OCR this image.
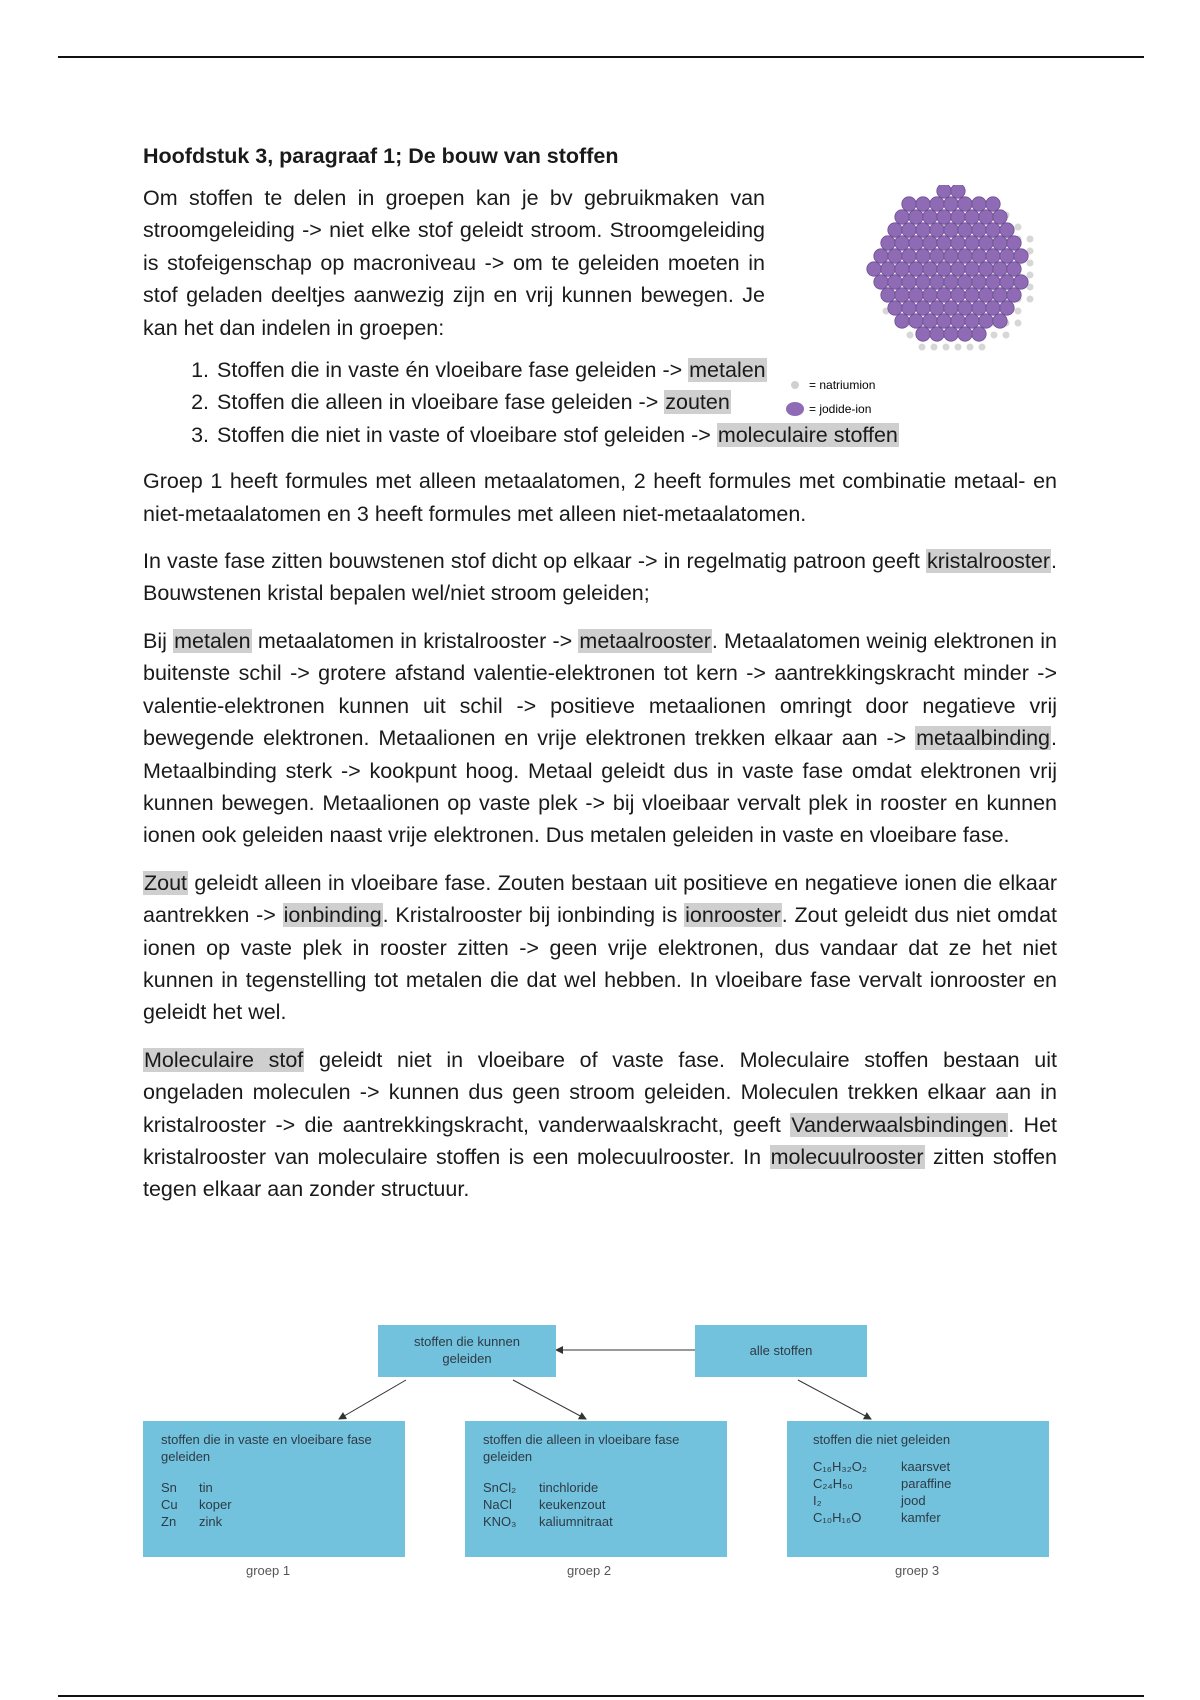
Hoofdstuk 3, paragraaf 1; De bouw van stoffen

Om stoffen te delen in groepen kan je bv gebruikmaken van stroomgeleiding -> niet elke stof geleidt stroom. Stroomgeleiding is stofeigenschap op macroniveau -> om te geleiden moeten in stof geladen deeltjes aanwezig zijn en vrij kunnen bewegen. Je kan het dan indelen in groepen:

1. Stoffen die in vaste én vloeibare fase geleiden -> metalen
2. Stoffen die alleen in vloeibare fase geleiden -> zouten
3. Stoffen die niet in vaste of vloeibare stof geleiden -> moleculaire stoffen

Groep 1 heeft formules met alleen metaalatomen, 2 heeft formules met combinatie metaal- en niet-metaalatomen en 3 heeft formules met alleen niet-metaalatomen.

In vaste fase zitten bouwstenen stof dicht op elkaar -> in regelmatig patroon geeft kristalrooster. Bouwstenen kristal bepalen wel/niet stroom geleiden;

Bij metalen metaalatomen in kristalrooster -> metaalrooster. Metaalatomen weinig elektronen in buitenste schil -> grotere afstand valentie-elektronen tot kern -> aantrekkingskracht minder -> valentie-elektronen kunnen uit schil -> positieve metaalionen omringt door negatieve vrij bewegende elektronen. Metaalionen en vrije elektronen trekken elkaar aan -> metaalbinding. Metaalbinding sterk -> kookpunt hoog. Metaal geleidt dus in vaste fase omdat elektronen vrij kunnen bewegen. Metaalionen op vaste plek -> bij vloeibaar vervalt plek in rooster en kunnen ionen ook geleiden naast vrije elektronen. Dus metalen geleiden in vaste en vloeibare fase.

Zout geleidt alleen in vloeibare fase. Zouten bestaan uit positieve en negatieve ionen die elkaar aantrekken -> ionbinding. Kristalrooster bij ionbinding is ionrooster. Zout geleidt dus niet omdat ionen op vaste plek in rooster zitten -> geen vrije elektronen, dus vandaar dat ze het niet kunnen in tegenstelling tot metalen die dat wel hebben. In vloeibare fase vervalt ionrooster en geleidt het wel.

Moleculaire stof geleidt niet in vloeibare of vaste fase. Moleculaire stoffen bestaan uit ongeladen moleculen -> kunnen dus geen stroom geleiden. Moleculen trekken elkaar aan in kristalrooster -> die aantrekkingskracht, vanderwaalskracht, geeft Vanderwaalsbindingen. Het kristalrooster van moleculaire stoffen is een molecuulrooster. In molecuulrooster zitten stoffen tegen elkaar aan zonder structuur.

= natriumion
= jodide-ion
stoffen die kunnen geleiden
alle stoffen
stoffen die in vaste en vloeibare fase geleiden
Sn	tin
Cu	koper
Zn	zink
stoffen die alleen in vloeibare fase geleiden
SnCl₂	tinchloride
NaCl	keukenzout
KNO₃	kaliumnitraat
stoffen die niet geleiden
C₁₆H₃₂O₂	kaarsvet
C₂₄H₅₀	paraffine
I₂	jood
C₁₀H₁₆O	kamfer
groep 1	groep 2	groep 3
